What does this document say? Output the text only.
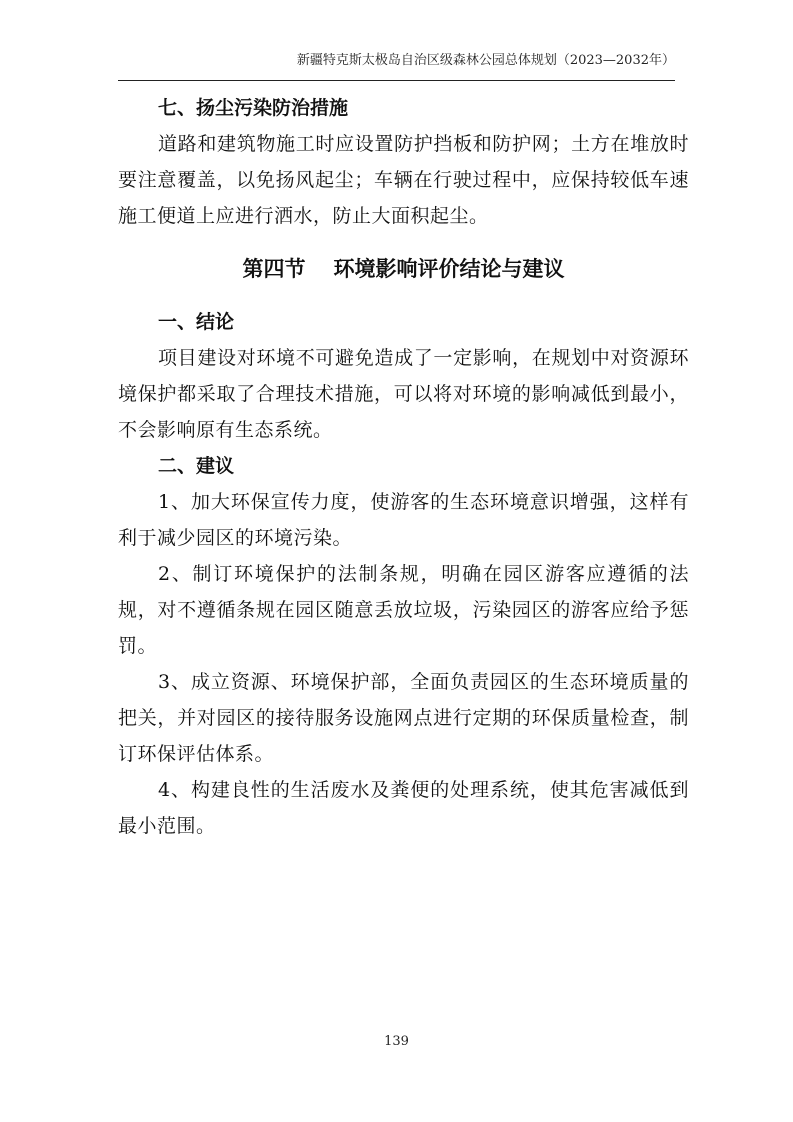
新疆特克斯太极岛自治区级森林公园总体规划（2023—2032年）

七、扬尘污染防治措施

道路和建筑物施工时应设置防护挡板和防护网；土方在堆放时要注意覆盖，以免扬风起尘；车辆在行驶过程中，应保持较低车速施工便道上应进行洒水，防止大面积起尘。

第四节 环境影响评价结论与建议

一、结论

项目建设对环境不可避免造成了一定影响，在规划中对资源环境保护都采取了合理技术措施，可以将对环境的影响减低到最小，不会影响原有生态系统。

二、建议

1、加大环保宣传力度，使游客的生态环境意识增强，这样有利于减少园区的环境污染。

2、制订环境保护的法制条规，明确在园区游客应遵循的法规，对不遵循条规在园区随意丢放垃圾，污染园区的游客应给予惩罚。

3、成立资源、环境保护部，全面负责园区的生态环境质量的把关，并对园区的接待服务设施网点进行定期的环保质量检查，制订环保评估体系。

4、构建良性的生活废水及粪便的处理系统，使其危害减低到最小范围。

139
